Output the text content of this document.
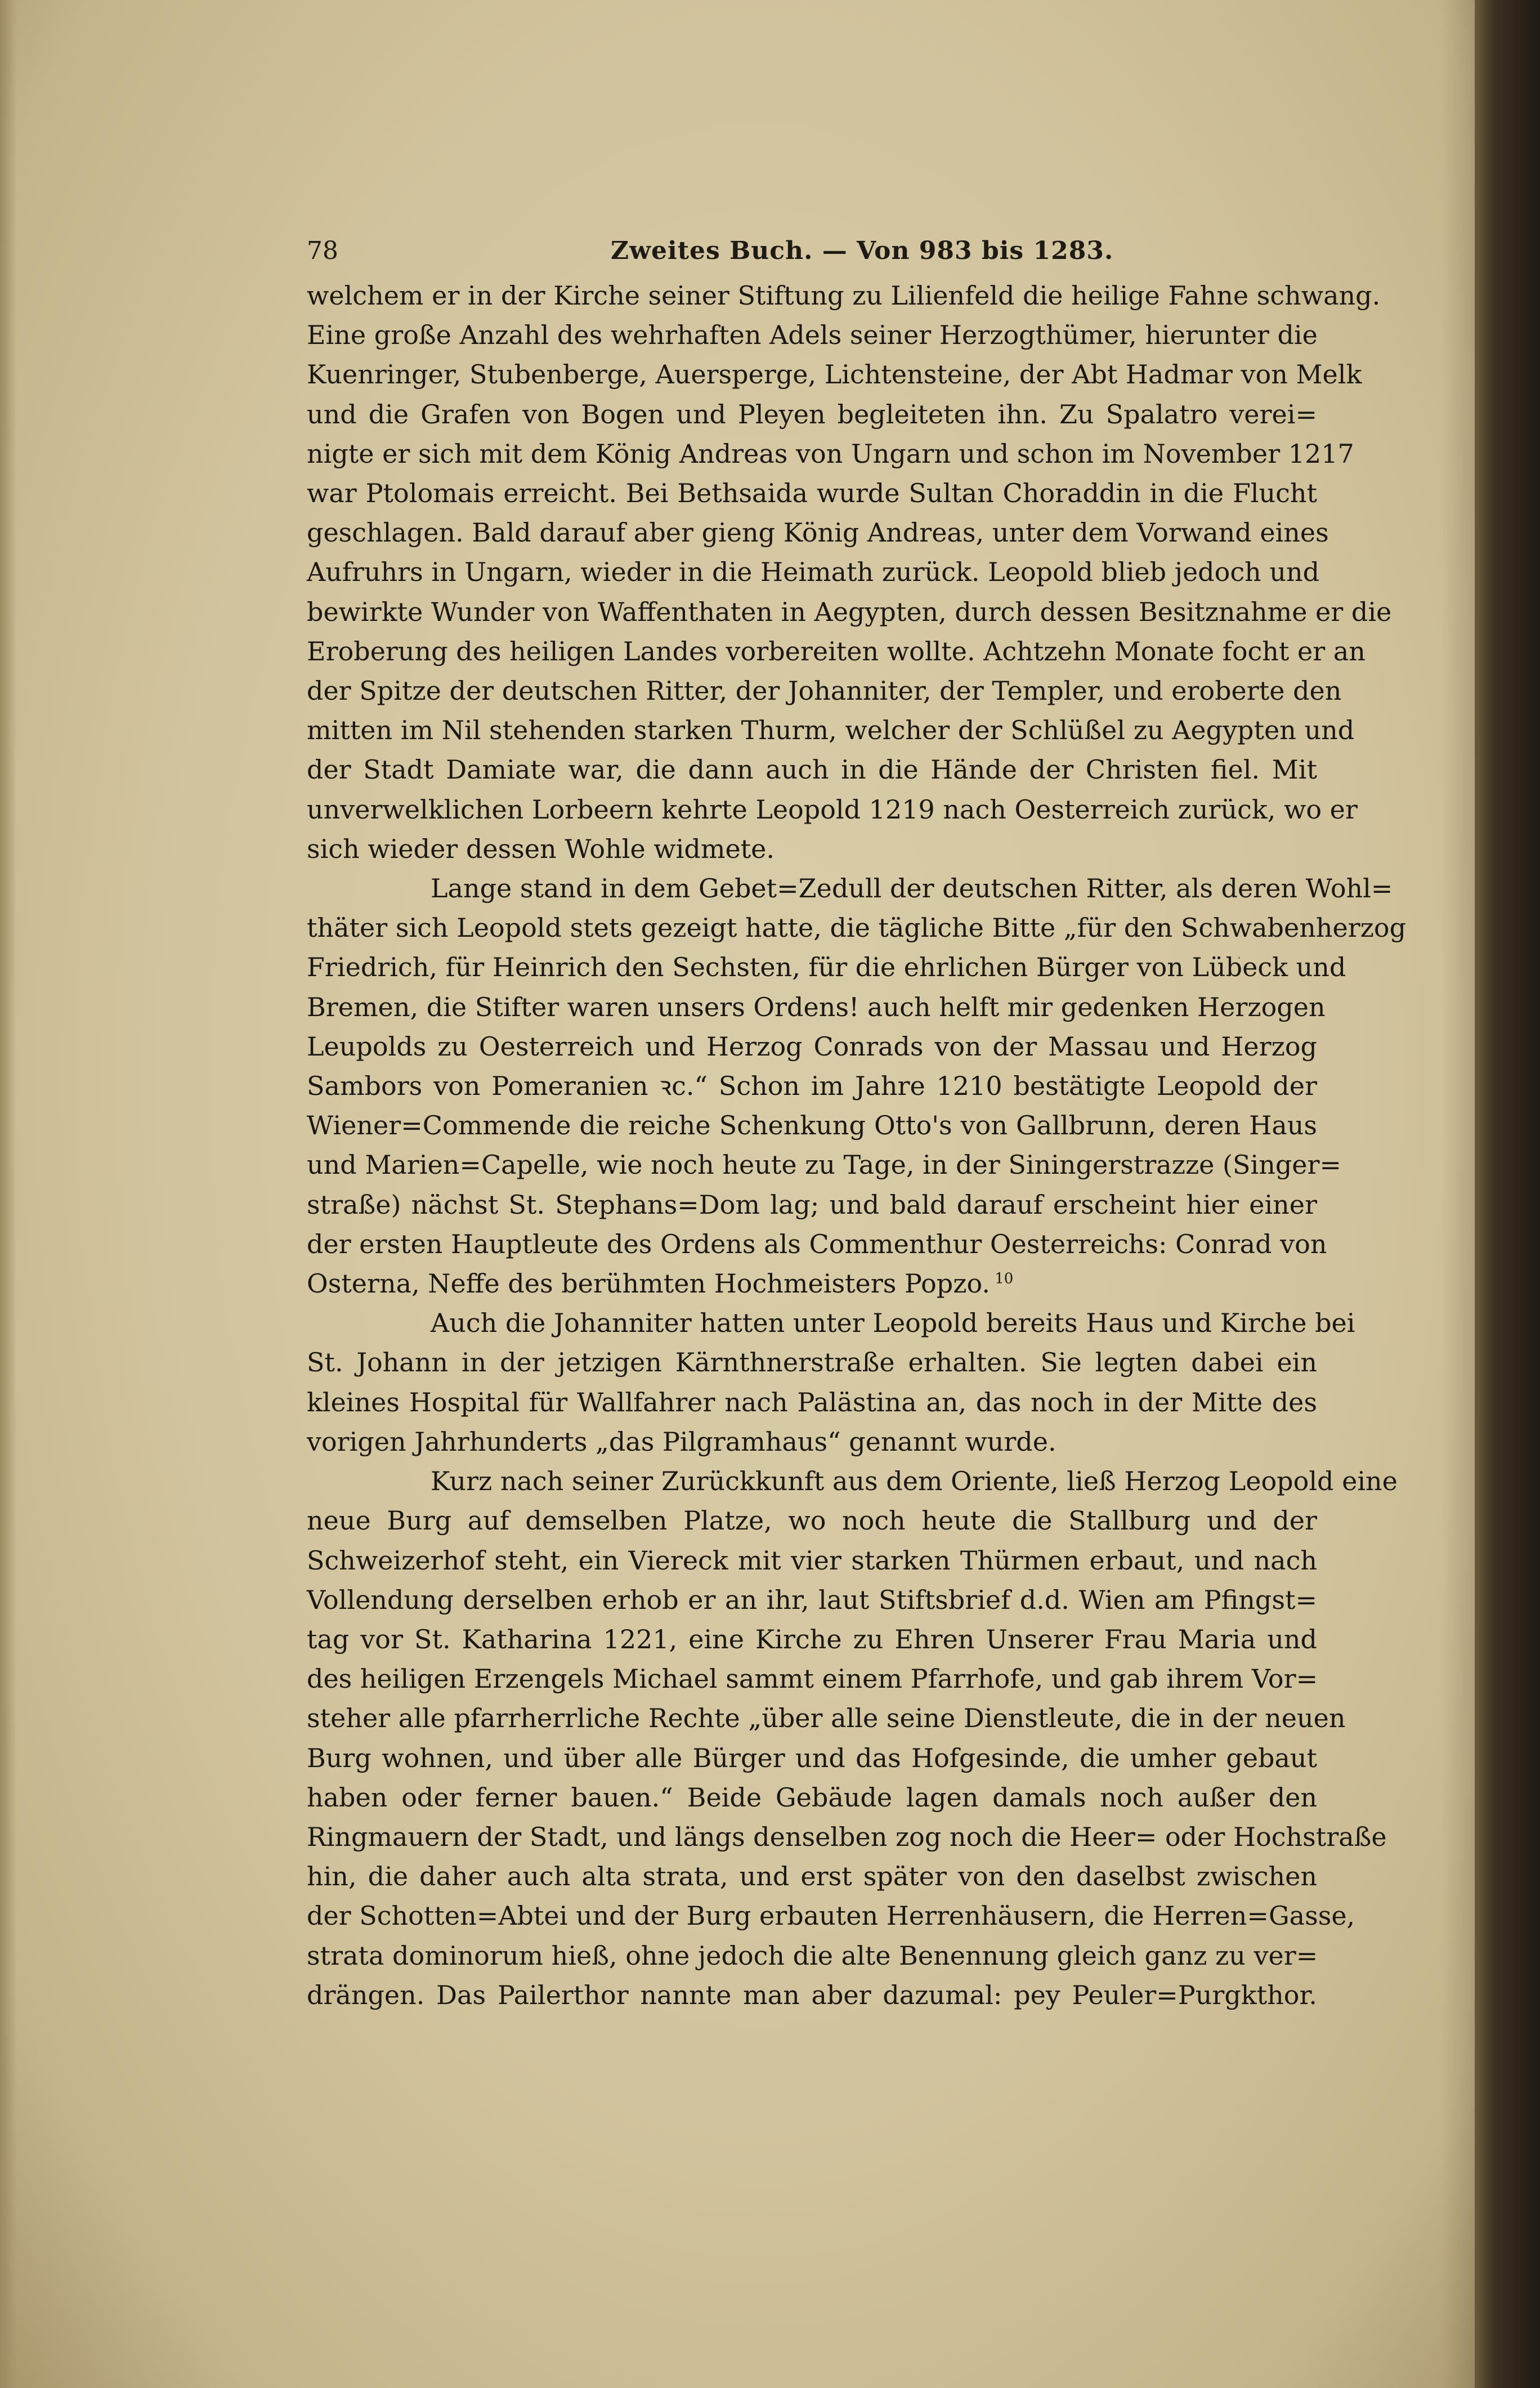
78	Zweites Buch. — Von 983 bis 1283.
welchem er in der Kirche seiner Stiftung zu Lilienfeld die heilige Fahne schwang.
Eine große Anzahl des wehrhaften Adels seiner Herzogthümer, hierunter die
Kuenringer, Stubenberge, Auersperge, Lichtensteine, der Abt Hadmar von Melk
und die Grafen von Bogen und Pleyen begleiteten ihn. Zu Spalatro verei=
nigte er sich mit dem König Andreas von Ungarn und schon im November 1217
war Ptolomais erreicht. Bei Bethsaida wurde Sultan Choraddin in die Flucht
geschlagen. Bald darauf aber gieng König Andreas, unter dem Vorwand eines
Aufruhrs in Ungarn, wieder in die Heimath zurück. Leopold blieb jedoch und
bewirkte Wunder von Waffenthaten in Aegypten, durch dessen Besitznahme er die
Eroberung des heiligen Landes vorbereiten wollte. Achtzehn Monate focht er an
der Spitze der deutschen Ritter, der Johanniter, der Templer, und eroberte den
mitten im Nil stehenden starken Thurm, welcher der Schlüßel zu Aegypten und
der Stadt Damiate war, die dann auch in die Hände der Christen fiel. Mit
unverwelklichen Lorbeern kehrte Leopold 1219 nach Oesterreich zurück, wo er
sich wieder dessen Wohle widmete.
Lange stand in dem Gebet=Zedull der deutschen Ritter, als deren Wohl=
thäter sich Leopold stets gezeigt hatte, die tägliche Bitte „für den Schwabenherzog
Friedrich, für Heinrich den Sechsten, für die ehrlichen Bürger von Lübeck und
Bremen, die Stifter waren unsers Ordens! auch helft mir gedenken Herzogen
Leupolds zu Oesterreich und Herzog Conrads von der Massau und Herzog
Sambors von Pomeranien ꝛc.“ Schon im Jahre 1210 bestätigte Leopold der
Wiener=Commende die reiche Schenkung Otto's von Gallbrunn, deren Haus
und Marien=Capelle, wie noch heute zu Tage, in der Siningerstrazze (Singer=
straße) nächst St. Stephans=Dom lag; und bald darauf erscheint hier einer
der ersten Hauptleute des Ordens als Commenthur Oesterreichs: Conrad von
Osterna, Neffe des berühmten Hochmeisters Popzo. $^{10}$
Auch die Johanniter hatten unter Leopold bereits Haus und Kirche bei
St. Johann in der jetzigen Kärnthnerstraße erhalten. Sie legten dabei ein
kleines Hospital für Wallfahrer nach Palästina an, das noch in der Mitte des
vorigen Jahrhunderts „das Pilgramhaus“ genannt wurde.
Kurz nach seiner Zurückkunft aus dem Oriente, ließ Herzog Leopold eine
neue Burg auf demselben Platze, wo noch heute die Stallburg und der
Schweizerhof steht, ein Viereck mit vier starken Thürmen erbaut, und nach
Vollendung derselben erhob er an ihr, laut Stiftsbrief d.d. Wien am Pfingst=
tag vor St. Katharina 1221, eine Kirche zu Ehren Unserer Frau Maria und
des heiligen Erzengels Michael sammt einem Pfarrhofe, und gab ihrem Vor=
steher alle pfarrherrliche Rechte „über alle seine Dienstleute, die in der neuen
Burg wohnen, und über alle Bürger und das Hofgesinde, die umher gebaut
haben oder ferner bauen.“ Beide Gebäude lagen damals noch außer den
Ringmauern der Stadt, und längs denselben zog noch die Heer= oder Hochstraße
hin, die daher auch alta strata, und erst später von den daselbst zwischen
der Schotten=Abtei und der Burg erbauten Herrenhäusern, die Herren=Gasse,
strata dominorum hieß, ohne jedoch die alte Benennung gleich ganz zu ver=
drängen. Das Pailerthor nannte man aber dazumal: pey Peuler=Purgkthor.
